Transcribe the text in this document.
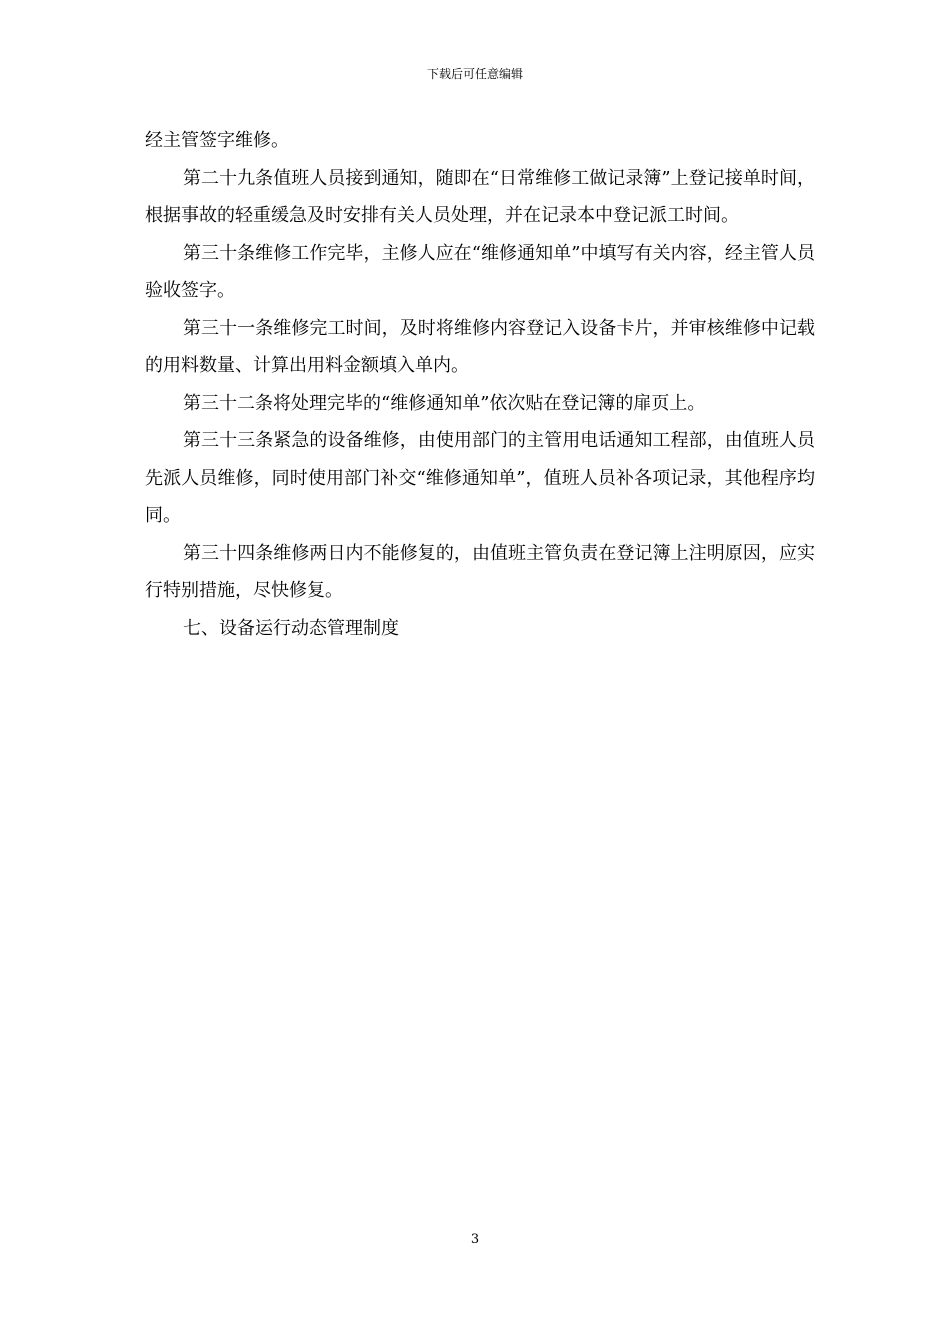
下载后可任意编辑

经主管签字维修。

第二十九条值班人员接到通知，随即在“日常维修工做记录簿”上登记接单时间，根据事故的轻重缓急及时安排有关人员处理，并在记录本中登记派工时间。

第三十条维修工作完毕，主修人应在“维修通知单”中填写有关内容，经主管人员验收签字。

第三十一条维修完工时间，及时将维修内容登记入设备卡片，并审核维修中记载的用料数量、计算出用料金额填入单内。

第三十二条将处理完毕的“维修通知单”依次贴在登记簿的扉页上。

第三十三条紧急的设备维修，由使用部门的主管用电话通知工程部，由值班人员先派人员维修，同时使用部门补交“维修通知单”，值班人员补各项记录，其他程序均同。

第三十四条维修两日内不能修复的，由值班主管负责在登记簿上注明原因，应实行特别措施，尽快修复。

七、设备运行动态管理制度

3
